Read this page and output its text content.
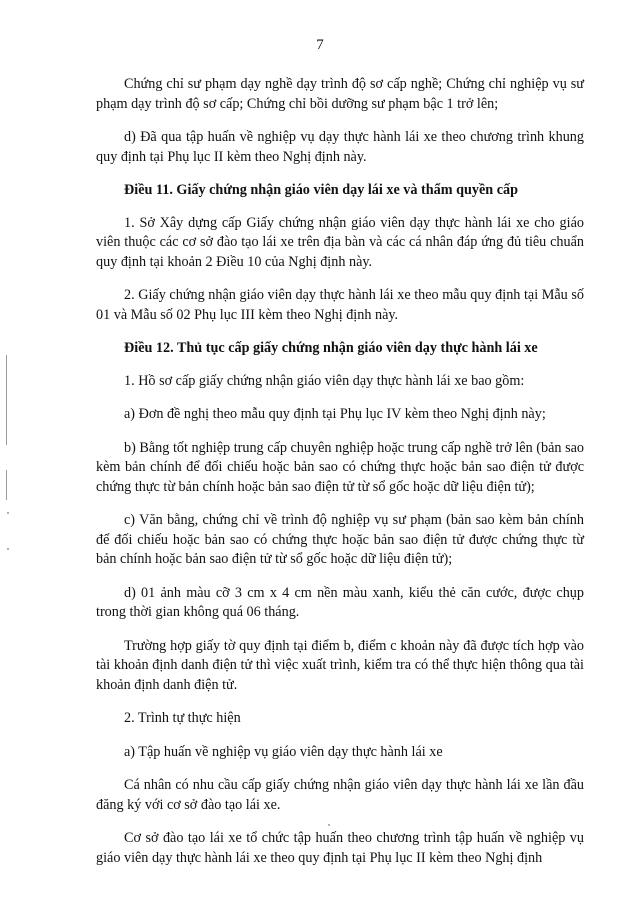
7

Chứng chỉ sư phạm dạy nghề dạy trình độ sơ cấp nghề; Chứng chỉ nghiệp vụ sư phạm dạy trình độ sơ cấp; Chứng chỉ bồi dưỡng sư phạm bậc 1 trở lên;

d) Đã qua tập huấn về nghiệp vụ dạy thực hành lái xe theo chương trình khung quy định tại Phụ lục II kèm theo Nghị định này.

Điều 11. Giấy chứng nhận giáo viên dạy lái xe và thẩm quyền cấp

1. Sở Xây dựng cấp Giấy chứng nhận giáo viên dạy thực hành lái xe cho giáo viên thuộc các cơ sở đào tạo lái xe trên địa bàn và các cá nhân đáp ứng đủ tiêu chuẩn quy định tại khoản 2 Điều 10 của Nghị định này.

2. Giấy chứng nhận giáo viên dạy thực hành lái xe theo mẫu quy định tại Mẫu số 01 và Mẫu số 02 Phụ lục III kèm theo Nghị định này.

Điều 12. Thủ tục cấp giấy chứng nhận giáo viên dạy thực hành lái xe

1. Hồ sơ cấp giấy chứng nhận giáo viên dạy thực hành lái xe bao gồm:

a) Đơn đề nghị theo mẫu quy định tại Phụ lục IV kèm theo Nghị định này;

b) Bằng tốt nghiệp trung cấp chuyên nghiệp hoặc trung cấp nghề trở lên (bản sao kèm bản chính để đối chiếu hoặc bản sao có chứng thực hoặc bản sao điện tử được chứng thực từ bản chính hoặc bản sao điện tử từ sổ gốc hoặc dữ liệu điện tử);

c) Văn bằng, chứng chỉ về trình độ nghiệp vụ sư phạm (bản sao kèm bản chính để đối chiếu hoặc bản sao có chứng thực hoặc bản sao điện tử được chứng thực từ bản chính hoặc bản sao điện tử từ sổ gốc hoặc dữ liệu điện tử);

d) 01 ảnh màu cỡ 3 cm x 4 cm nền màu xanh, kiểu thẻ căn cước, được chụp trong thời gian không quá 06 tháng.

Trường hợp giấy tờ quy định tại điểm b, điểm c khoản này đã được tích hợp vào tài khoản định danh điện tử thì việc xuất trình, kiểm tra có thể thực hiện thông qua tài khoản định danh điện tử.

2. Trình tự thực hiện

a) Tập huấn về nghiệp vụ giáo viên dạy thực hành lái xe

Cá nhân có nhu cầu cấp giấy chứng nhận giáo viên dạy thực hành lái xe lần đầu đăng ký với cơ sở đào tạo lái xe.

Cơ sở đào tạo lái xe tổ chức tập huấn theo chương trình tập huấn về nghiệp vụ giáo viên dạy thực hành lái xe theo quy định tại Phụ lục II kèm theo Nghị định
